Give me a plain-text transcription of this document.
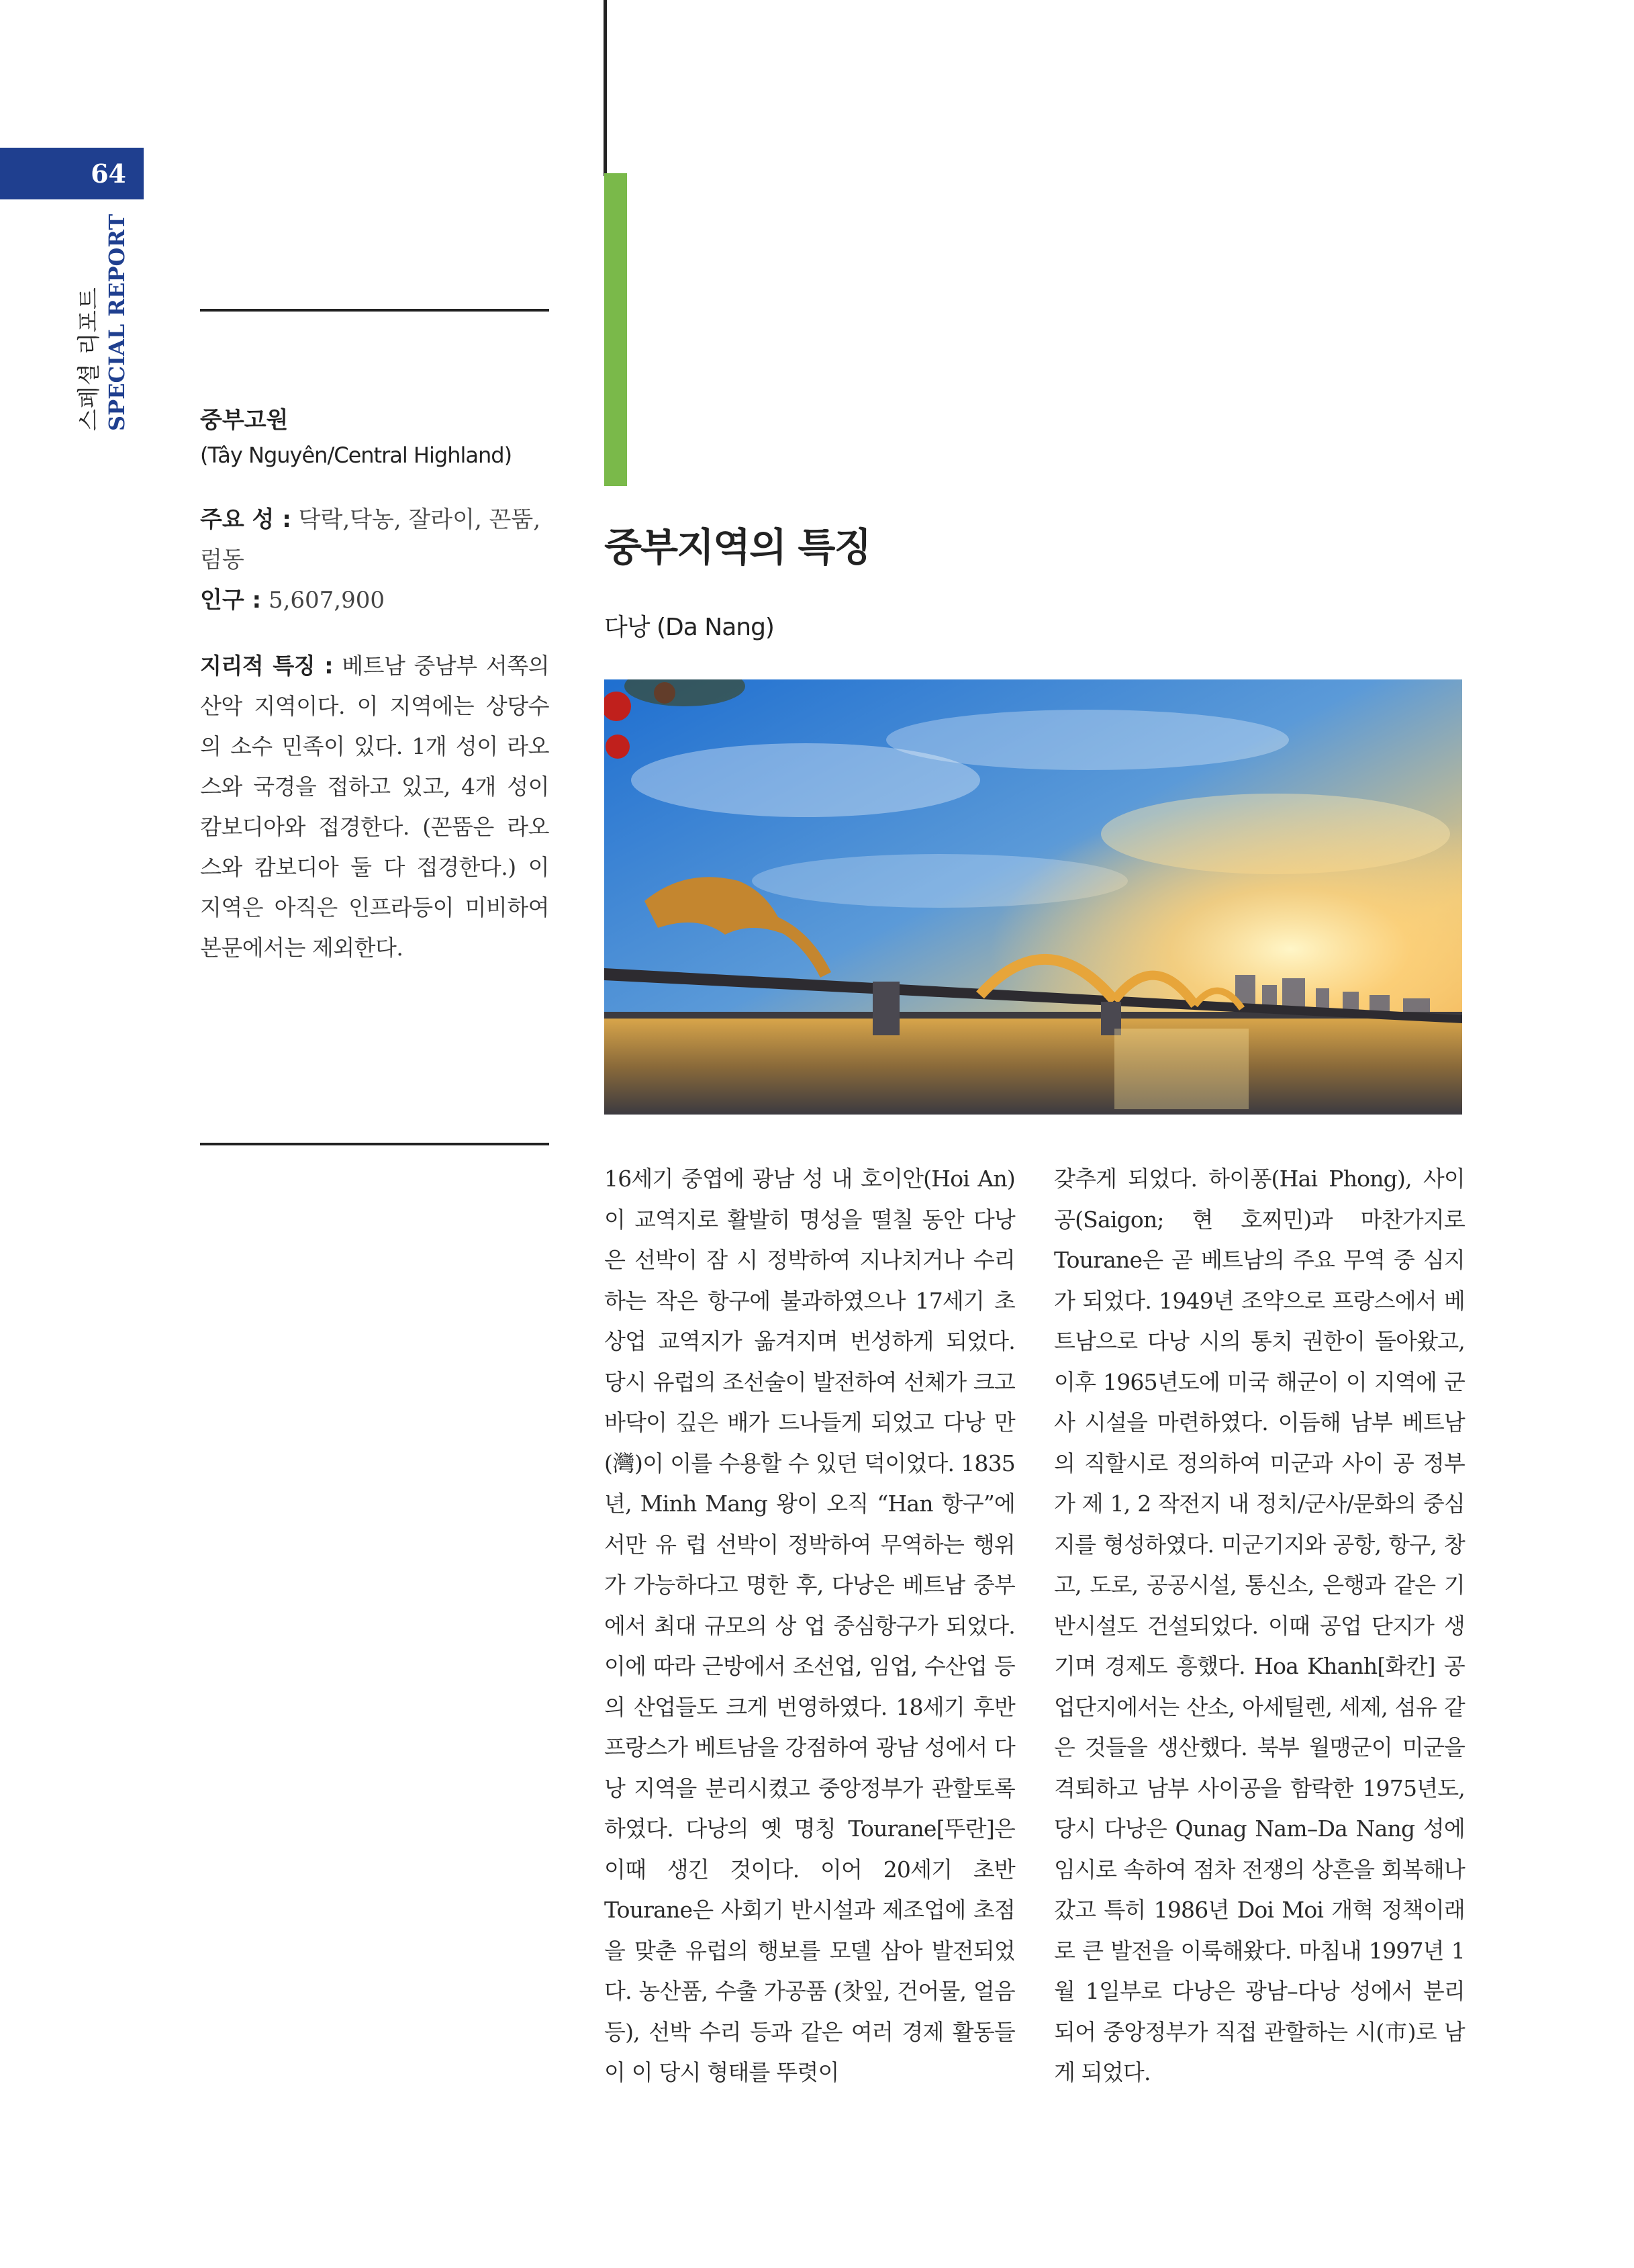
64
스페셜 리포트 SPECIAL REPORT	중부고원
(Tây Nguyên/Central Highland)
주요 성 : 닥락,닥농, 잘라이, 꼰뚬, 럼동
인구 : 5,607,900
지리적 특징 : 베트남 중남부 서쪽의 산악 지역이다. 이 지역에는 상당수의 소수 민족이 있다. 1개 성이 라오스와 국경을 접하고 있고, 4개 성이 캄보디아와 접경한다. (꼰뚬은 라오스와 캄보디아 둘 다 접경한다.) 이 지역은 아직은 인프라등이 미비하여 본문에서는 제외한다.
중부지역의 특징
다낭 (Da Nang)
16세기 중엽에 광남 성 내 호이안(Hoi An)이 교역지로 활발히 명성을 떨칠 동안 다낭은 선박이 잠 시 정박하여 지나치거나 수리하는 작은 항구에 불과하였으나 17세기 초 상업 교역지가 옮겨지며 번성하게 되었다. 당시 유럽의 조선술이 발전하여 선체가 크고 바닥이 깊은 배가 드나들게 되었고 다낭 만(灣)이 이를 수용할 수 있던 덕이었다. 1835년, Minh Mang 왕이 오직 “Han 항구”에서만 유 럽 선박이 정박하여 무역하는 행위가 가능하다고 명한 후, 다낭은 베트남 중부에서 최대 규모의 상 업 중심항구가 되었다. 이에 따라 근방에서 조선업, 임업, 수산업 등의 산업들도 크게 번영하였다. 18세기 후반 프랑스가 베트남을 강점하여 광남 성에서 다낭 지역을 분리시켰고 중앙정부가 관할토록 하였다. 다낭의 옛 명칭 Tourane[뚜란]은 이때 생긴 것이다. 이어 20세기 초반 Tourane은 사회기 반시설과 제조업에 초점을 맞춘 유럽의 행보를 모델 삼아 발전되었다. 농산품, 수출 가공품 (찻잎, 건어물, 얼음 등), 선박 수리 등과 같은 여러 경제 활동들이 이 당시 형태를 뚜렷이
갖추게 되었다. 하이퐁(Hai Phong), 사이공(Saigon; 현 호찌민)과 마찬가지로 Tourane은 곧 베트남의 주요 무역 중 심지가 되었다. 1949년 조약으로 프랑스에서 베트남으로 다낭 시의 통치 권한이 돌아왔고, 이후 1965년도에 미국 해군이 이 지역에 군사 시설을 마련하였다. 이듬해 남부 베트남의 직할시로 정의하여 미군과 사이 공 정부가 제 1, 2 작전지 내 정치/군사/문화의 중심지를 형성하였다. 미군기지와 공항, 항구, 창고, 도로, 공공시설, 통신소, 은행과 같은 기반시설도 건설되었다. 이때 공업 단지가 생기며 경제도 흥했다. Hoa Khanh[화칸] 공업단지에서는 산소, 아세틸렌, 세제, 섬유 같은 것들을 생산했다. 북부 월맹군이 미군을 격퇴하고 남부 사이공을 함락한 1975년도, 당시 다낭은 Qunag Nam–Da Nang 성에 임시로 속하여 점차 전쟁의 상흔을 회복해나갔고 특히 1986년 Doi Moi 개혁 정책이래로 큰 발전을 이룩해왔다. 마침내 1997년 1월 1일부로 다낭은 광남–다낭 성에서 분리되어 중앙정부가 직접 관할하는 시(市)로 남게 되었다.
